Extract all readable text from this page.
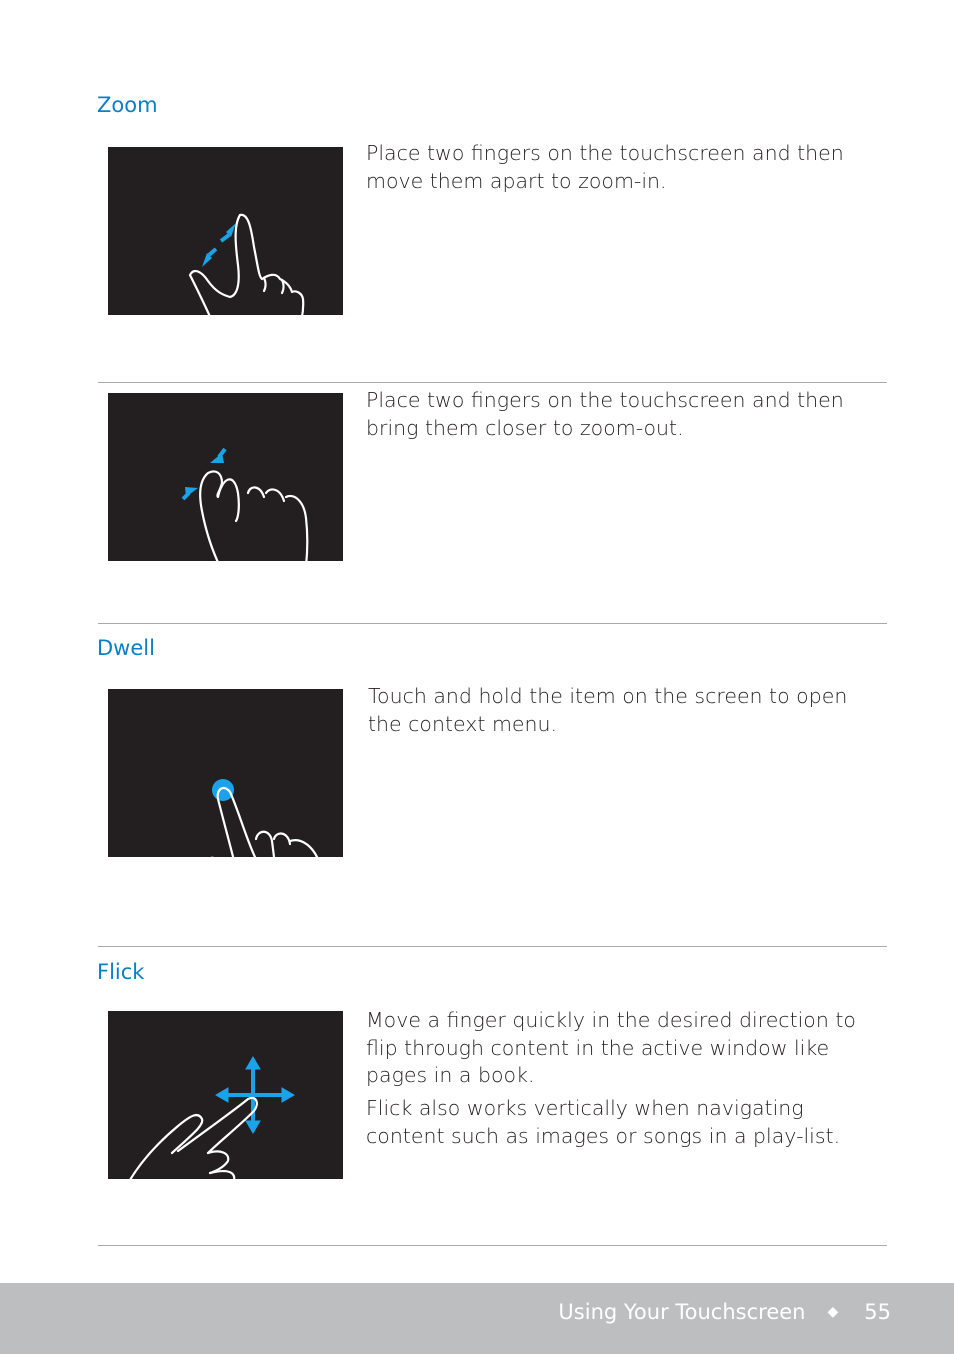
Zoom

Place two fingers on the touchscreen and then move them apart to zoom-in.

Place two fingers on the touchscreen and then bring them closer to zoom-out.

Dwell

Touch and hold the item on the screen to open the context menu.

Flick

Move a finger quickly in the desired direction to flip through content in the active window like pages in a book.

Flick also works vertically when navigating content such as images or songs in a play-list.

Using Your Touchscreen ◆ 55
